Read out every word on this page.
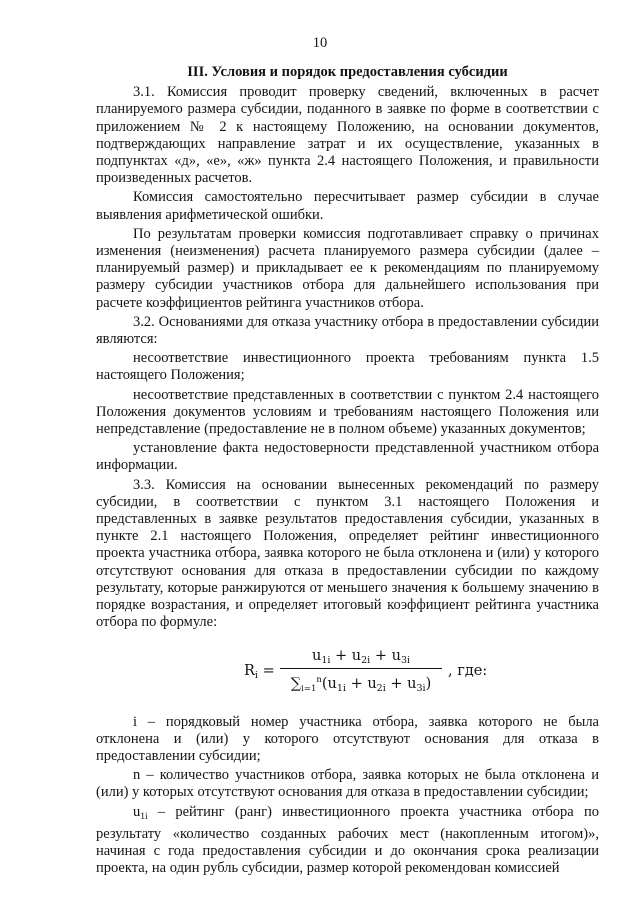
10
III. Условия и порядок предоставления субсидии

3.1. Комиссия проводит проверку сведений, включенных в расчет планируемого размера субсидии, поданного в заявке по форме в соответствии с приложением № 2 к настоящему Положению, на основании документов, подтверждающих направление затрат и их осуществление, указанных в подпунктах «д», «е», «ж» пункта 2.4 настоящего Положения, и правильности произведенных расчетов.

Комиссия самостоятельно пересчитывает размер субсидии в случае выявления арифметической ошибки.

По результатам проверки комиссия подготавливает справку о причинах изменения (неизменения) расчета планируемого размера субсидии (далее – планируемый размер) и прикладывает ее к рекомендациям по планируемому размеру субсидии участников отбора для дальнейшего использования при расчете коэффициентов рейтинга участников отбора.

3.2. Основаниями для отказа участнику отбора в предоставлении субсидии являются:

несоответствие инвестиционного проекта требованиям пункта 1.5 настоящего Положения;

несоответствие представленных в соответствии с пунктом 2.4 настоящего Положения документов условиям и требованиям настоящего Положения или непредставление (предоставление не в полном объеме) указанных документов;

установление факта недостоверности представленной участником отбора информации.

3.3. Комиссия на основании вынесенных рекомендаций по размеру субсидии, в соответствии с пунктом 3.1 настоящего Положения и представленных в заявке результатов предоставления субсидии, указанных в пункте 2.1 настоящего Положения, определяет рейтинг инвестиционного проекта участника отбора, заявка которого не была отклонена и (или) у которого отсутствуют основания для отказа в предоставлении субсидии по каждому результату, которые ранжируются от меньшего значения к большему значению в порядке возрастания, и определяет итоговый коэффициент рейтинга участника отбора по формуле:

$R_i$ =
$u_{1i} + u_{2i} + u_{3i}$
$\sum_{i=1}^n(u_{1i} + u_{2i} + u_{3i})$
, где:

i – порядковый номер участника отбора, заявка которого не была отклонена и (или) у которого отсутствуют основания для отказа в предоставлении субсидии;

n – количество участников отбора, заявка которых не была отклонена и (или) у которых отсутствуют основания для отказа в предоставлении субсидии;

$u_{1i}$ – рейтинг (ранг) инвестиционного проекта участника отбора по результату «количество созданных рабочих мест (накопленным итогом)», начиная с года предоставления субсидии и до окончания срока реализации проекта, на один рубль субсидии, размер которой рекомендован комиссией
